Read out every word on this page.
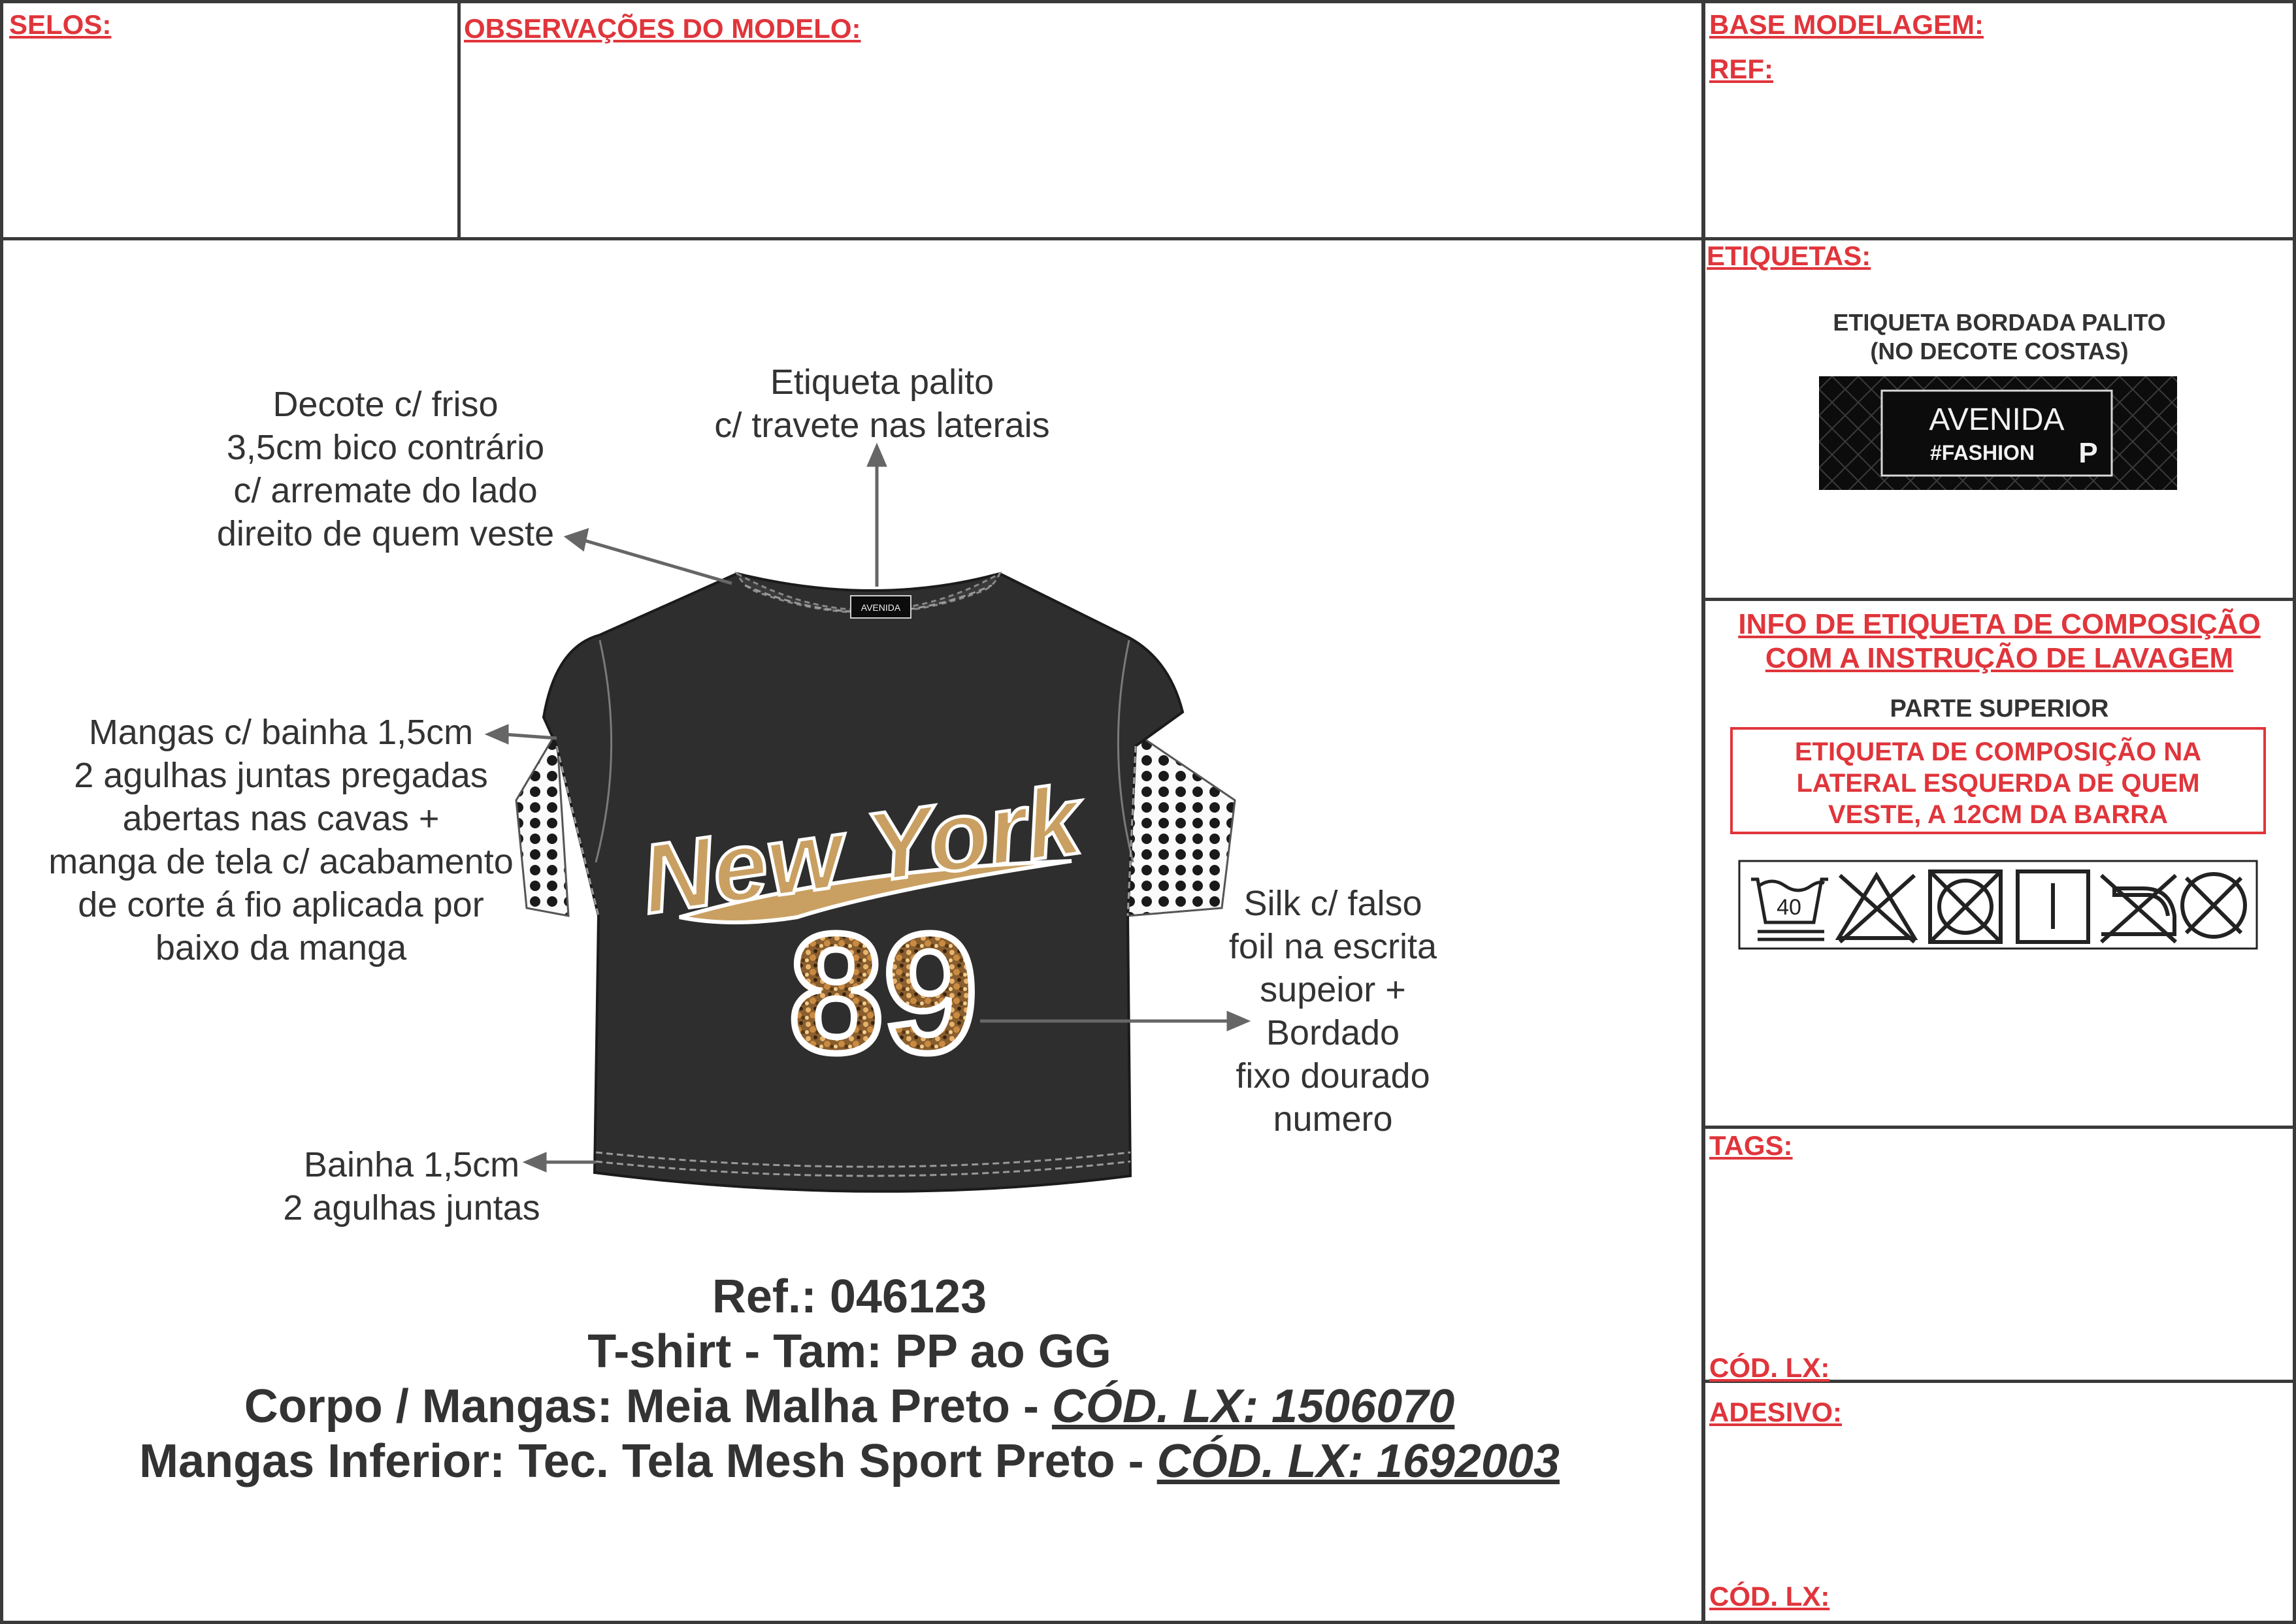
SELOS:	OBSERVAÇÕES DO MODELO:	BASE MODELAGEM:
REF:
ETIQUETAS:
TAGS:
CÓD. LX:
ADESIVO:
CÓD. LX:
ETIQUETA BORDADA PALITO
(NO DECOTE COSTAS)
AVENIDA
#FASHION P
INFO DE ETIQUETA DE COMPOSIÇÃO
COM A INSTRUÇÃO DE LAVAGEM
PARTE SUPERIOR
ETIQUETA DE COMPOSIÇÃO NA
LATERAL ESQUERDA DE QUEM
VESTE, A 12CM DA BARRA
40
AVENIDA
New York
89
Decote c/ friso
3,5cm bico contrário
c/ arremate do lado
direito de quem veste
Etiqueta palito
c/ travete nas laterais
Mangas c/ bainha 1,5cm
2 agulhas juntas pregadas
abertas nas cavas +
manga de tela c/ acabamento
de corte á fio aplicada por
baixo da manga
Silk c/ falso
foil na escrita
supeior +
Bordado
fixo dourado
numero
Bainha 1,5cm
2 agulhas juntas
Ref.: 046123
T-shirt - Tam: PP ao GG
Corpo / Mangas: Meia Malha Preto - CÓD. LX: 1506070
Mangas Inferior: Tec. Tela Mesh Sport Preto - CÓD. LX: 1692003
